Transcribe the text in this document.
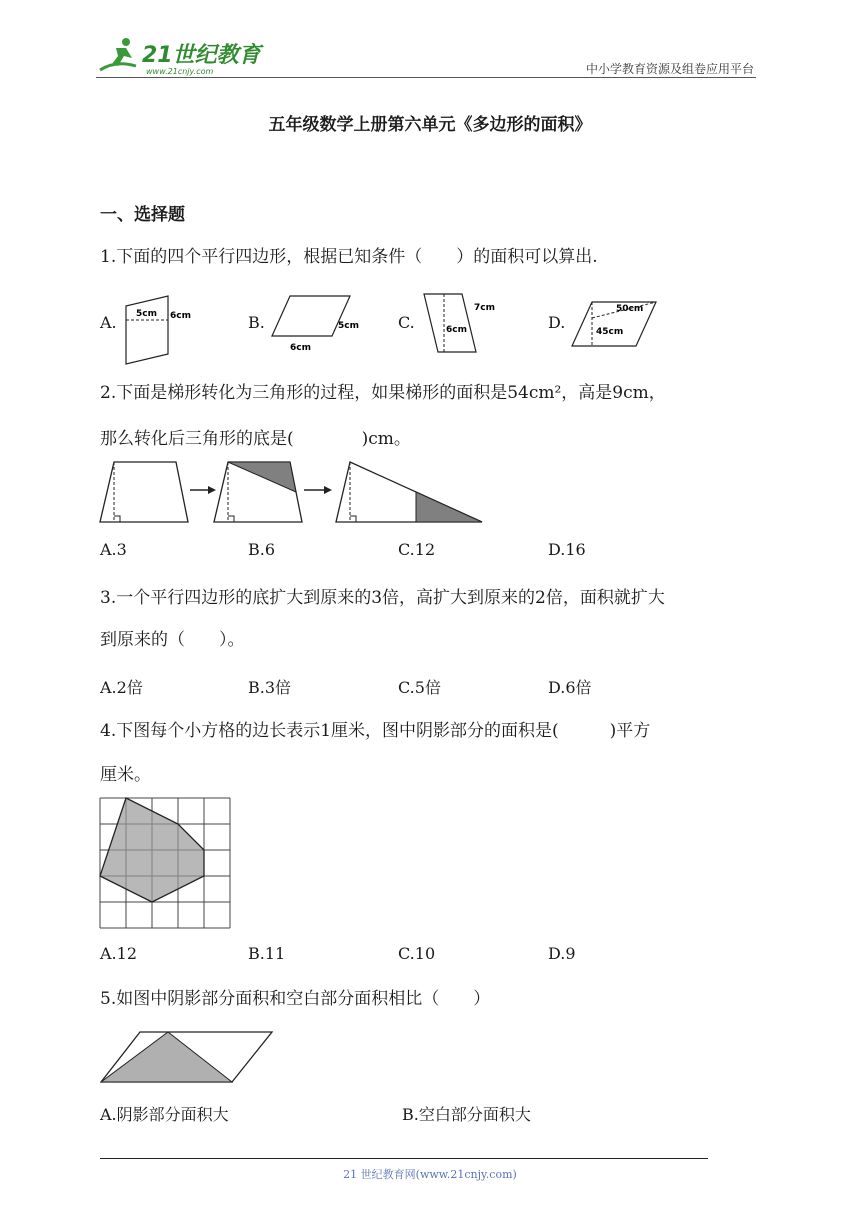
21世纪教育
www.21cnjy.com	中小学教育资源及组卷应用平台
五年级数学上册第六单元《多边形的面积》
一、选择题
1.下面的四个平行四边形，根据已知条件（　　）的面积可以算出.
A.	B.	C.	D.
5cm 6cm
5cm
6cm
7cm
6cm
50cm
45cm
2.下面是梯形转化为三角形的过程，如果梯形的面积是54cm²，高是9cm，
那么转化后三角形的底是(　　　　)cm。
A.3	B.6	C.12	D.16
3.一个平行四边形的底扩大到原来的3倍，高扩大到原来的2倍，面积就扩大
到原来的（　　）。
A.2倍	B.3倍	C.5倍	D.6倍
4.下图每个小方格的边长表示1厘米，图中阴影部分的面积是(　　　)平方
厘米。
A.12	B.11	C.10	D.9
5.如图中阴影部分面积和空白部分面积相比（　　）
A.阴影部分面积大	B.空白部分面积大
21 世纪教育网(www.21cnjy.com)
